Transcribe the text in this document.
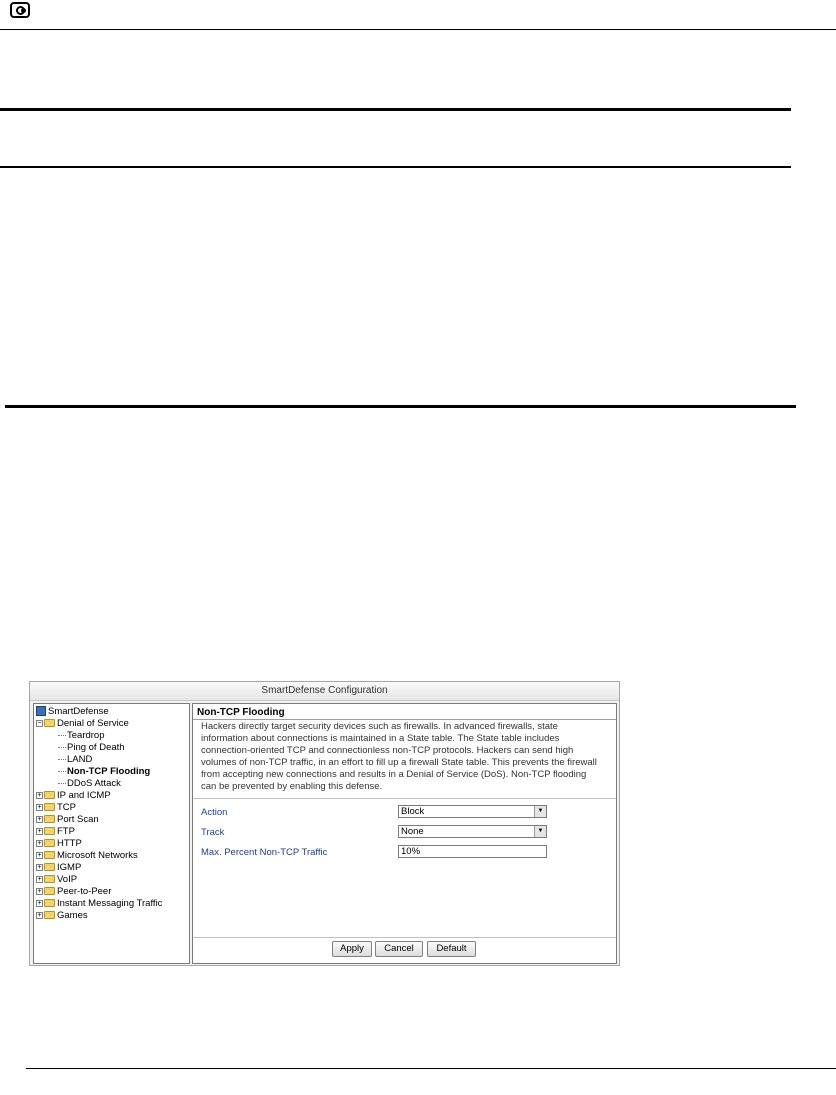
SmartDefense Configuration
SmartDefense
− Denial of Service
Teardrop
Ping of Death
LAND
Non-TCP Flooding
DDoS Attack
+ IP and ICMP
+ TCP
+ Port Scan
+ FTP
+ HTTP
+ Microsoft Networks
+ IGMP
+ VoIP
+ Peer-to-Peer
+ Instant Messaging Traffic
+ Games
Non-TCP Flooding
Hackers directly target security devices such as firewalls. In advanced firewalls, state
information about connections is maintained in a State table. The State table includes
connection-oriented TCP and connectionless non-TCP protocols. Hackers can send high
volumes of non-TCP traffic, in an effort to fill up a firewall State table. This prevents the firewall
from accepting new connections and results in a Denial of Service (DoS). Non-TCP flooding
can be prevented by enabling this defense.
Action	Block	▼
Track	None	▼
Max. Percent Non-TCP Traffic	10%
Apply	Cancel	Default
